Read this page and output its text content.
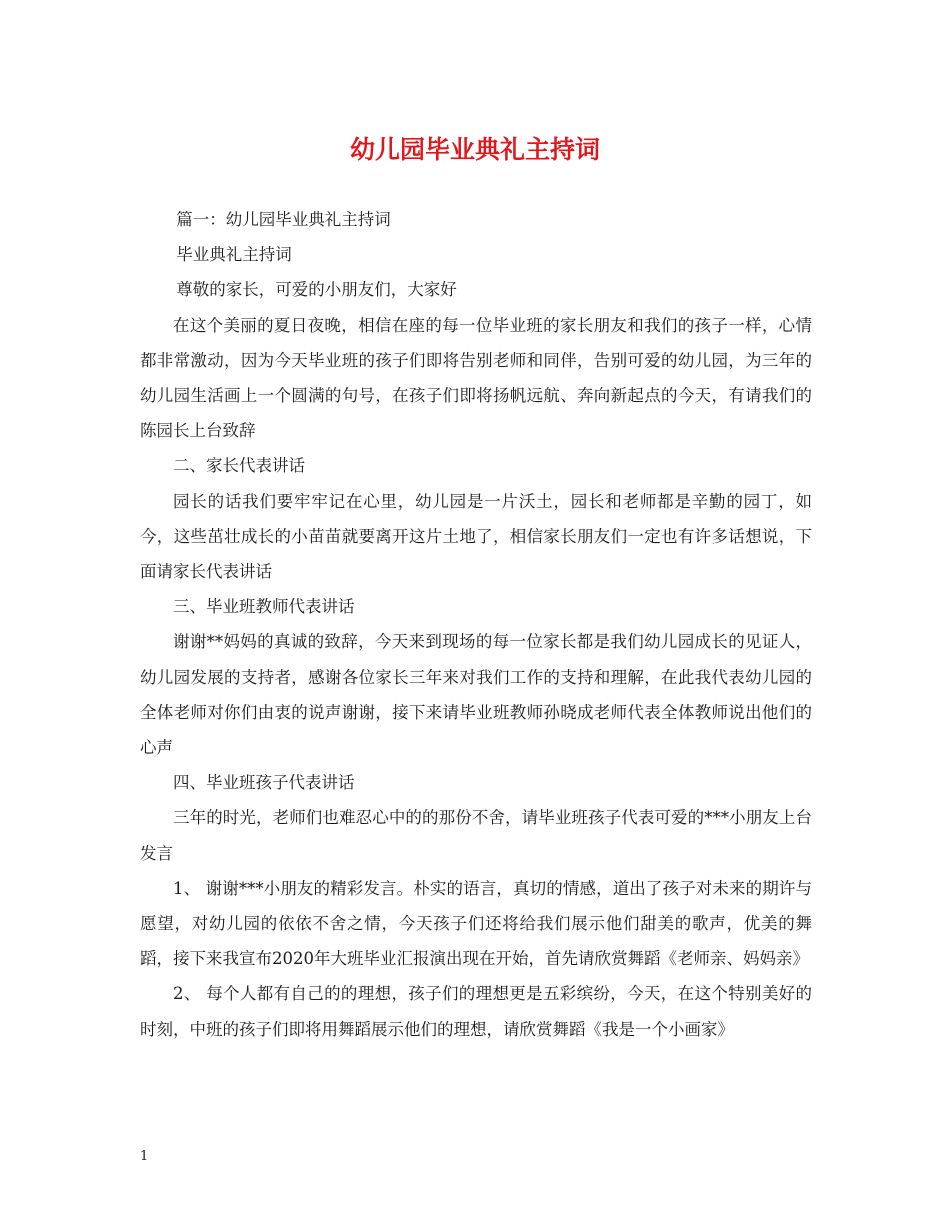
幼儿园毕业典礼主持词

篇一：幼儿园毕业典礼主持词

毕业典礼主持词

尊敬的家长，可爱的小朋友们，大家好

在这个美丽的夏日夜晚，相信在座的每一位毕业班的家长朋友和我们的孩子一样，心情都非常激动，因为今天毕业班的孩子们即将告别老师和同伴，告别可爱的幼儿园，为三年的幼儿园生活画上一个圆满的句号，在孩子们即将扬帆远航、奔向新起点的今天，有请我们的陈园长上台致辞

二、家长代表讲话

园长的话我们要牢牢记在心里，幼儿园是一片沃土，园长和老师都是辛勤的园丁，如今，这些茁壮成长的小苗苗就要离开这片土地了，相信家长朋友们一定也有许多话想说，下面请家长代表讲话

三、毕业班教师代表讲话

谢谢**妈妈的真诚的致辞，今天来到现场的每一位家长都是我们幼儿园成长的见证人，幼儿园发展的支持者，感谢各位家长三年来对我们工作的支持和理解，在此我代表幼儿园的全体老师对你们由衷的说声谢谢，接下来请毕业班教师孙晓成老师代表全体教师说出他们的心声

四、毕业班孩子代表讲话

三年的时光，老师们也难忍心中的的那份不舍，请毕业班孩子代表可爱的***小朋友上台发言

1、 谢谢***小朋友的精彩发言。朴实的语言，真切的情感，道出了孩子对未来的期许与愿望，对幼儿园的依依不舍之情，今天孩子们还将给我们展示他们甜美的歌声，优美的舞蹈，接下来我宣布2020年大班毕业汇报演出现在开始，首先请欣赏舞蹈《老师亲、妈妈亲》

2、 每个人都有自己的的理想，孩子们的理想更是五彩缤纷，今天，在这个特别美好的时刻，中班的孩子们即将用舞蹈展示他们的理想，请欣赏舞蹈《我是一个小画家》

1
